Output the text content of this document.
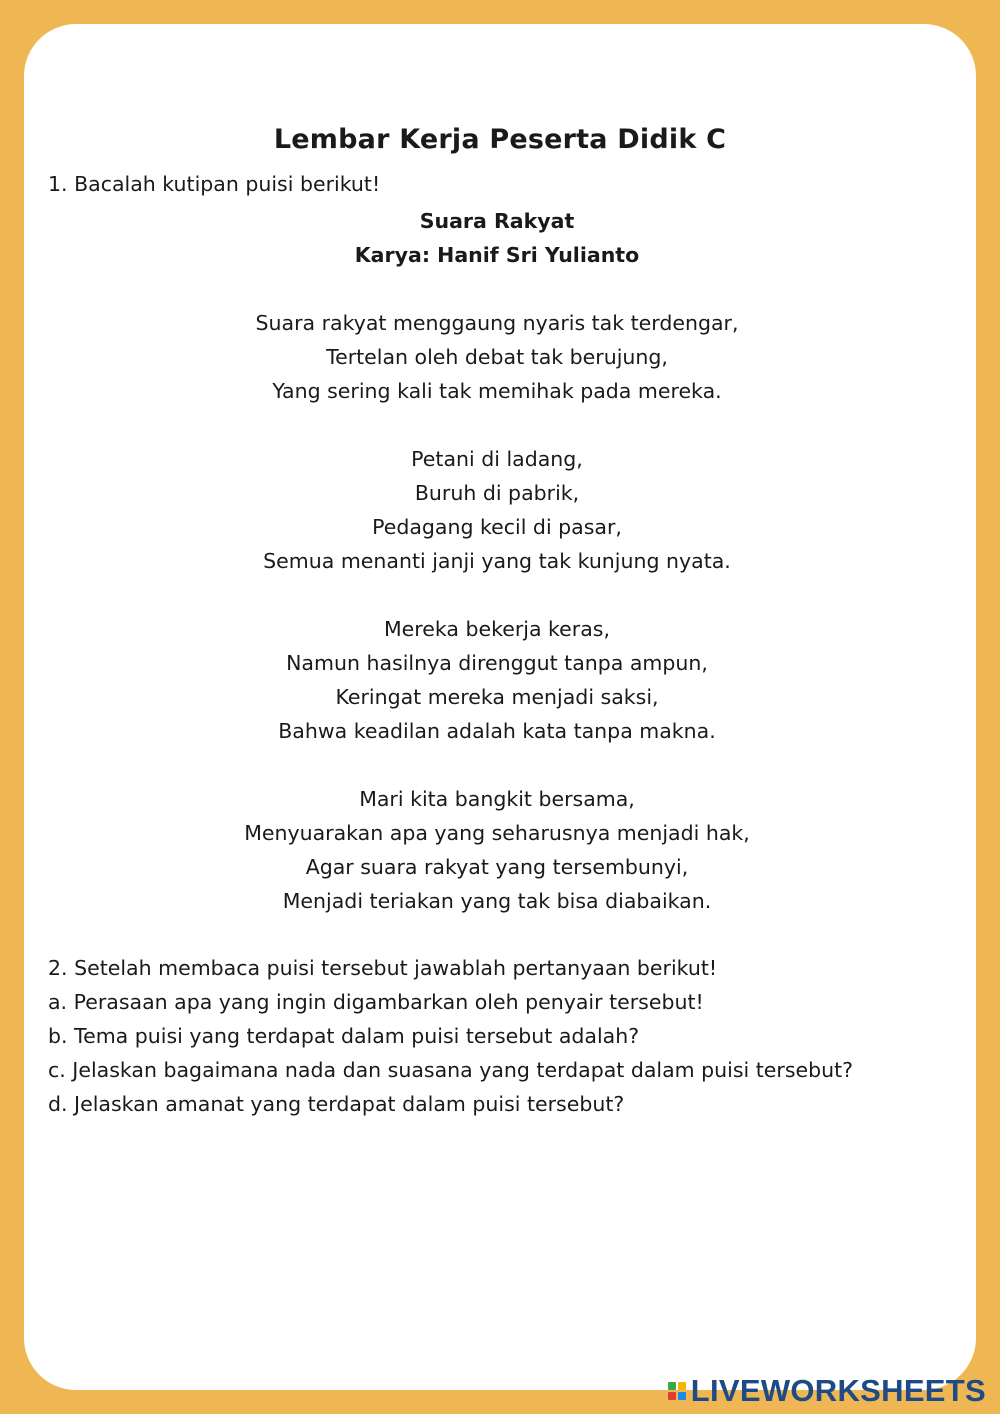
Lembar Kerja Peserta Didik C
1. Bacalah kutipan puisi berikut!
Suara Rakyat
Karya: Hanif Sri Yulianto
Suara rakyat menggaung nyaris tak terdengar,
Tertelan oleh debat tak berujung,
Yang sering kali tak memihak pada mereka.
Petani di ladang,
Buruh di pabrik,
Pedagang kecil di pasar,
Semua menanti janji yang tak kunjung nyata.
Mereka bekerja keras,
Namun hasilnya direnggut tanpa ampun,
Keringat mereka menjadi saksi,
Bahwa keadilan adalah kata tanpa makna.
Mari kita bangkit bersama,
Menyuarakan apa yang seharusnya menjadi hak,
Agar suara rakyat yang tersembunyi,
Menjadi teriakan yang tak bisa diabaikan.
2. Setelah membaca puisi tersebut jawablah pertanyaan berikut!
a. Perasaan apa yang ingin digambarkan oleh penyair tersebut!
b. Tema puisi yang terdapat dalam puisi tersebut adalah?
c. Jelaskan bagaimana nada dan suasana yang terdapat dalam puisi tersebut?
d. Jelaskan amanat yang terdapat dalam puisi tersebut?
LIVEWORKSHEETS
